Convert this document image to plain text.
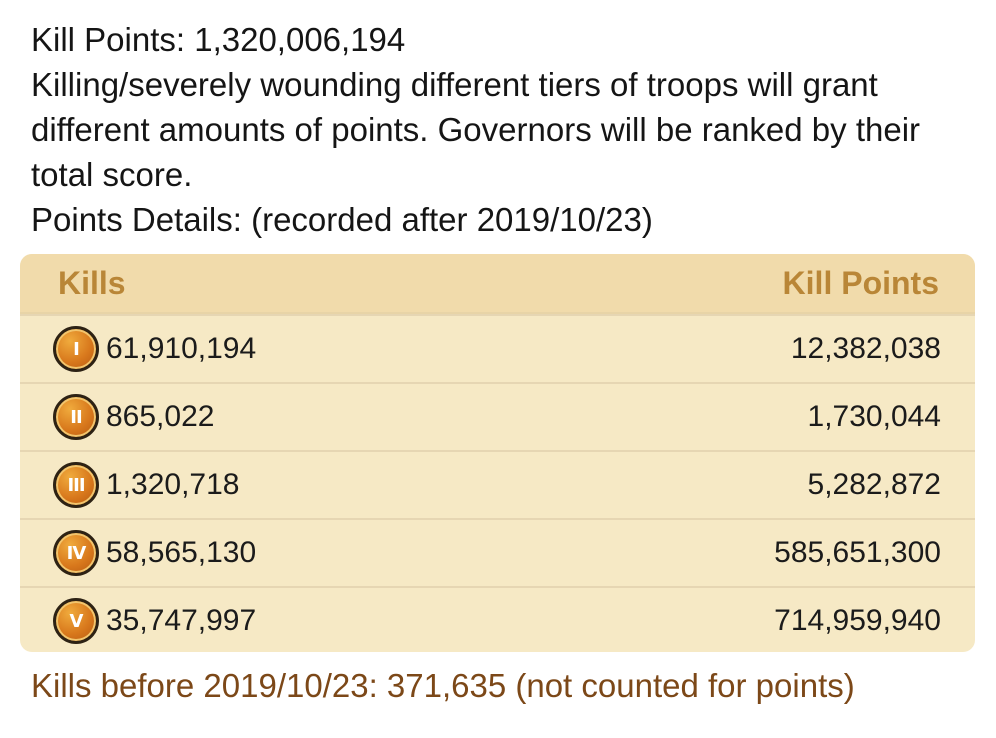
Kill Points: 1,320,006,194
Killing/severely wounding different tiers of troops will grant different amounts of points. Governors will be ranked by their total score.
Points Details: (recorded after 2019/10/23)
Kills	Kill Points
I 61,910,194	12,382,038
II 865,022	1,730,044
III 1,320,718	5,282,872
IV 58,565,130	585,651,300
V 35,747,997	714,959,940
Kills before 2019/10/23: 371,635 (not counted for points)
